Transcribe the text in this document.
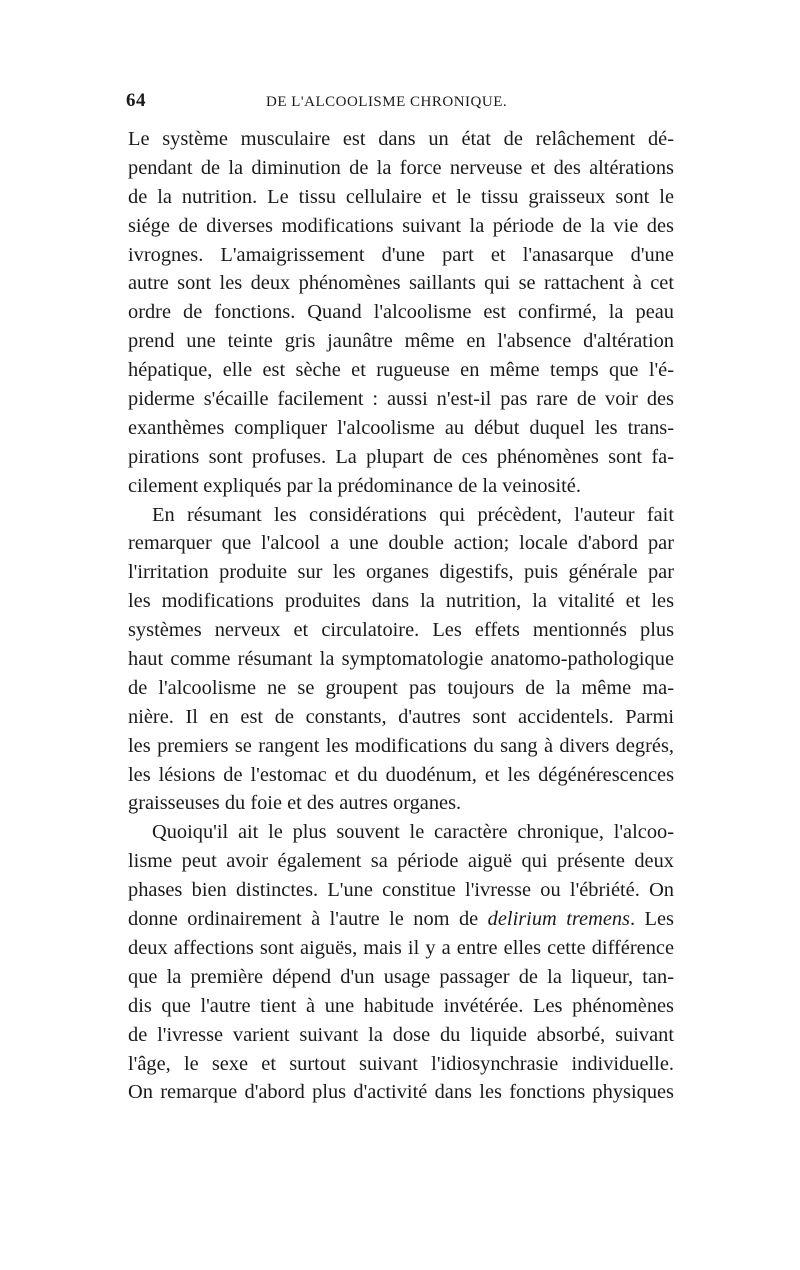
64	DE L'ALCOOLISME CHRONIQUE.

Le système musculaire est dans un état de relâchement dé-
pendant de la diminution de la force nerveuse et des altérations
de la nutrition. Le tissu cellulaire et le tissu graisseux sont le
siége de diverses modifications suivant la période de la vie des
ivrognes. L'amaigrissement d'une part et l'anasarque d'une
autre sont les deux phénomènes saillants qui se rattachent à cet
ordre de fonctions. Quand l'alcoolisme est confirmé, la peau
prend une teinte gris jaunâtre même en l'absence d'altération
hépatique, elle est sèche et rugueuse en même temps que l'é-
piderme s'écaille facilement : aussi n'est-il pas rare de voir des
exanthèmes compliquer l'alcoolisme au début duquel les trans-
pirations sont profuses. La plupart de ces phénomènes sont fa-
cilement expliqués par la prédominance de la veinosité.

En résumant les considérations qui précèdent, l'auteur fait
remarquer que l'alcool a une double action; locale d'abord par
l'irritation produite sur les organes digestifs, puis générale par
les modifications produites dans la nutrition, la vitalité et les
systèmes nerveux et circulatoire. Les effets mentionnés plus
haut comme résumant la symptomatologie anatomo-pathologique
de l'alcoolisme ne se groupent pas toujours de la même ma-
nière. Il en est de constants, d'autres sont accidentels. Parmi
les premiers se rangent les modifications du sang à divers degrés,
les lésions de l'estomac et du duodénum, et les dégénérescences
graisseuses du foie et des autres organes.

Quoiqu'il ait le plus souvent le caractère chronique, l'alcoo-
lisme peut avoir également sa période aiguë qui présente deux
phases bien distinctes. L'une constitue l'ivresse ou l'ébriété. On
donne ordinairement à l'autre le nom de delirium tremens. Les
deux affections sont aiguës, mais il y a entre elles cette différence
que la première dépend d'un usage passager de la liqueur, tan-
dis que l'autre tient à une habitude invétérée. Les phénomènes
de l'ivresse varient suivant la dose du liquide absorbé, suivant
l'âge, le sexe et surtout suivant l'idiosynchrasie individuelle.
On remarque d'abord plus d'activité dans les fonctions physiques
